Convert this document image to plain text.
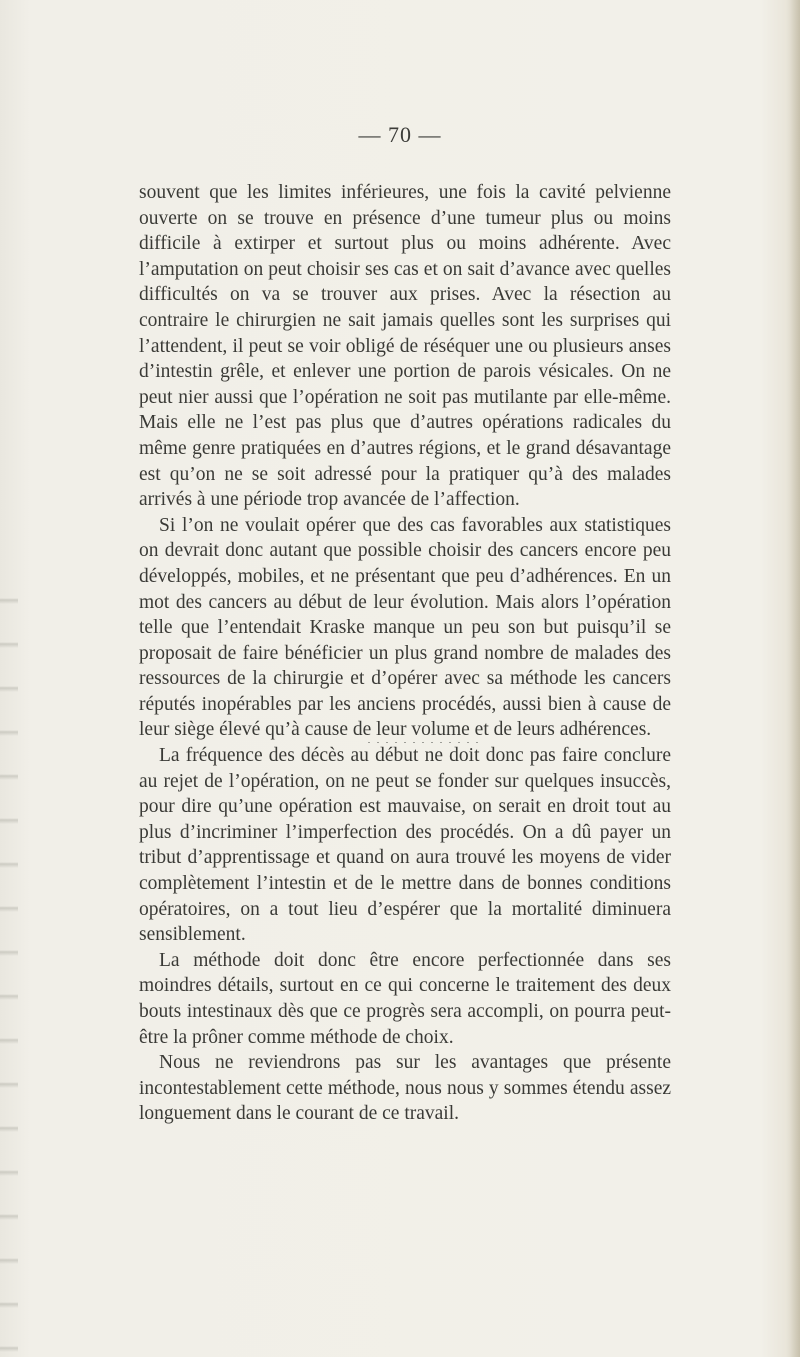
— 70 —

souvent que les limites inférieures, une fois la cavité pelvienne ouverte on se trouve en présence d’une tumeur plus ou moins difficile à extirper et surtout plus ou moins adhérente. Avec l’amputation on peut choisir ses cas et on sait d’avance avec quelles difficultés on va se trouver aux prises. Avec la résection au contraire le chirurgien ne sait jamais quelles sont les surprises qui l’attendent, il peut se voir obligé de réséquer une ou plusieurs anses d’intestin grêle, et enlever une portion de parois vésicales. On ne peut nier aussi que l’opération ne soit pas mutilante par elle-même. Mais elle ne l’est pas plus que d’autres opérations radicales du même genre pratiquées en d’autres régions, et le grand désavantage est qu’on ne se soit adressé pour la pratiquer qu’à des malades arrivés à une période trop avancée de l’affection.

Si l’on ne voulait opérer que des cas favorables aux statistiques on devrait donc autant que possible choisir des cancers encore peu développés, mobiles, et ne présentant que peu d’adhérences. En un mot des cancers au début de leur évolution. Mais alors l’opération telle que l’entendait Kraske manque un peu son but puisqu’il se proposait de faire bénéficier un plus grand nombre de malades des ressources de la chirurgie et d’opérer avec sa méthode les cancers réputés inopérables par les anciens procédés, aussi bien à cause de leur siège élevé qu’à cause de leur volume et de leurs adhérences.

La fréquence des décès au début ne doit donc pas faire conclure au rejet de l’opération, on ne peut se fonder sur quelques insuccès, pour dire qu’une opération est mauvaise, on serait en droit tout au plus d’incriminer l’imperfection des procédés. On a dû payer un tribut d’apprentissage et quand on aura trouvé les moyens de vider complètement l’intestin et de le mettre dans de bonnes conditions opératoires, on a tout lieu d’espérer que la mortalité diminuera sensiblement.

La méthode doit donc être encore perfectionnée dans ses moindres détails, surtout en ce qui concerne le traitement des deux bouts intestinaux dès que ce progrès sera accompli, on pourra peut-être la prôner comme méthode de choix.

Nous ne reviendrons pas sur les avantages que présente incontestablement cette méthode, nous nous y sommes étendu assez longuement dans le courant de ce travail.
